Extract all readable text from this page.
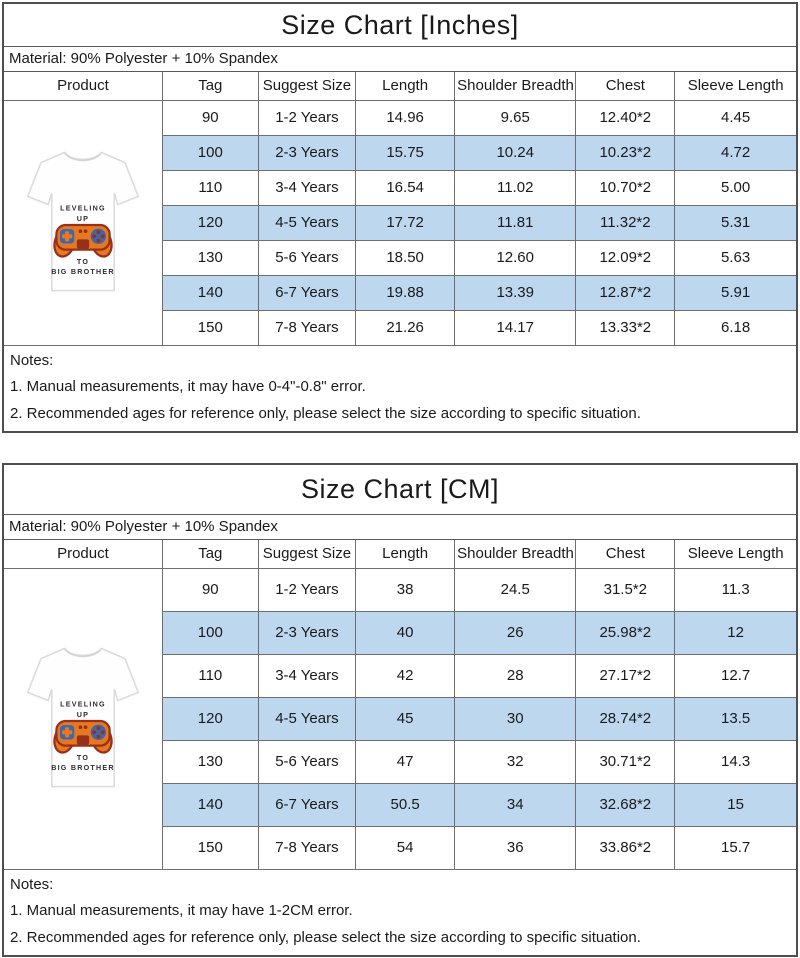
Size Chart [Inches]
Material: 90% Polyester + 10% Spandex
Product	Tag	Suggest Size	Length	Shoulder Breadth	Chest	Sleeve Length

LEVELING
UP
TO
BIG BROTHER	90	1-2 Years	14.96	9.65	12.40*2	4.45
	100	2-3 Years	15.75	10.24	10.23*2	4.72
	110	3-4 Years	16.54	11.02	10.70*2	5.00
	120	4-5 Years	17.72	11.81	11.32*2	5.31
	130	5-6 Years	18.50	12.60	12.09*2	5.63
	140	6-7 Years	19.88	13.39	12.87*2	5.91
	150	7-8 Years	21.26	14.17	13.33*2	6.18
Notes:
1. Manual measurements, it may have 0-4"-0.8" error.
2. Recommended ages for reference only, please select the size according to specific situation.
Size Chart [CM]
Material: 90% Polyester + 10% Spandex
Product	Tag	Suggest Size	Length	Shoulder Breadth	Chest	Sleeve Length

LEVELING
UP
TO
BIG BROTHER	90	1-2 Years	38	24.5	31.5*2	11.3
	100	2-3 Years	40	26	25.98*2	12
	110	3-4 Years	42	28	27.17*2	12.7
	120	4-5 Years	45	30	28.74*2	13.5
	130	5-6 Years	47	32	30.71*2	14.3
	140	6-7 Years	50.5	34	32.68*2	15
	150	7-8 Years	54	36	33.86*2	15.7
Notes:
1. Manual measurements, it may have 1-2CM error.
2. Recommended ages for reference only, please select the size according to specific situation.
